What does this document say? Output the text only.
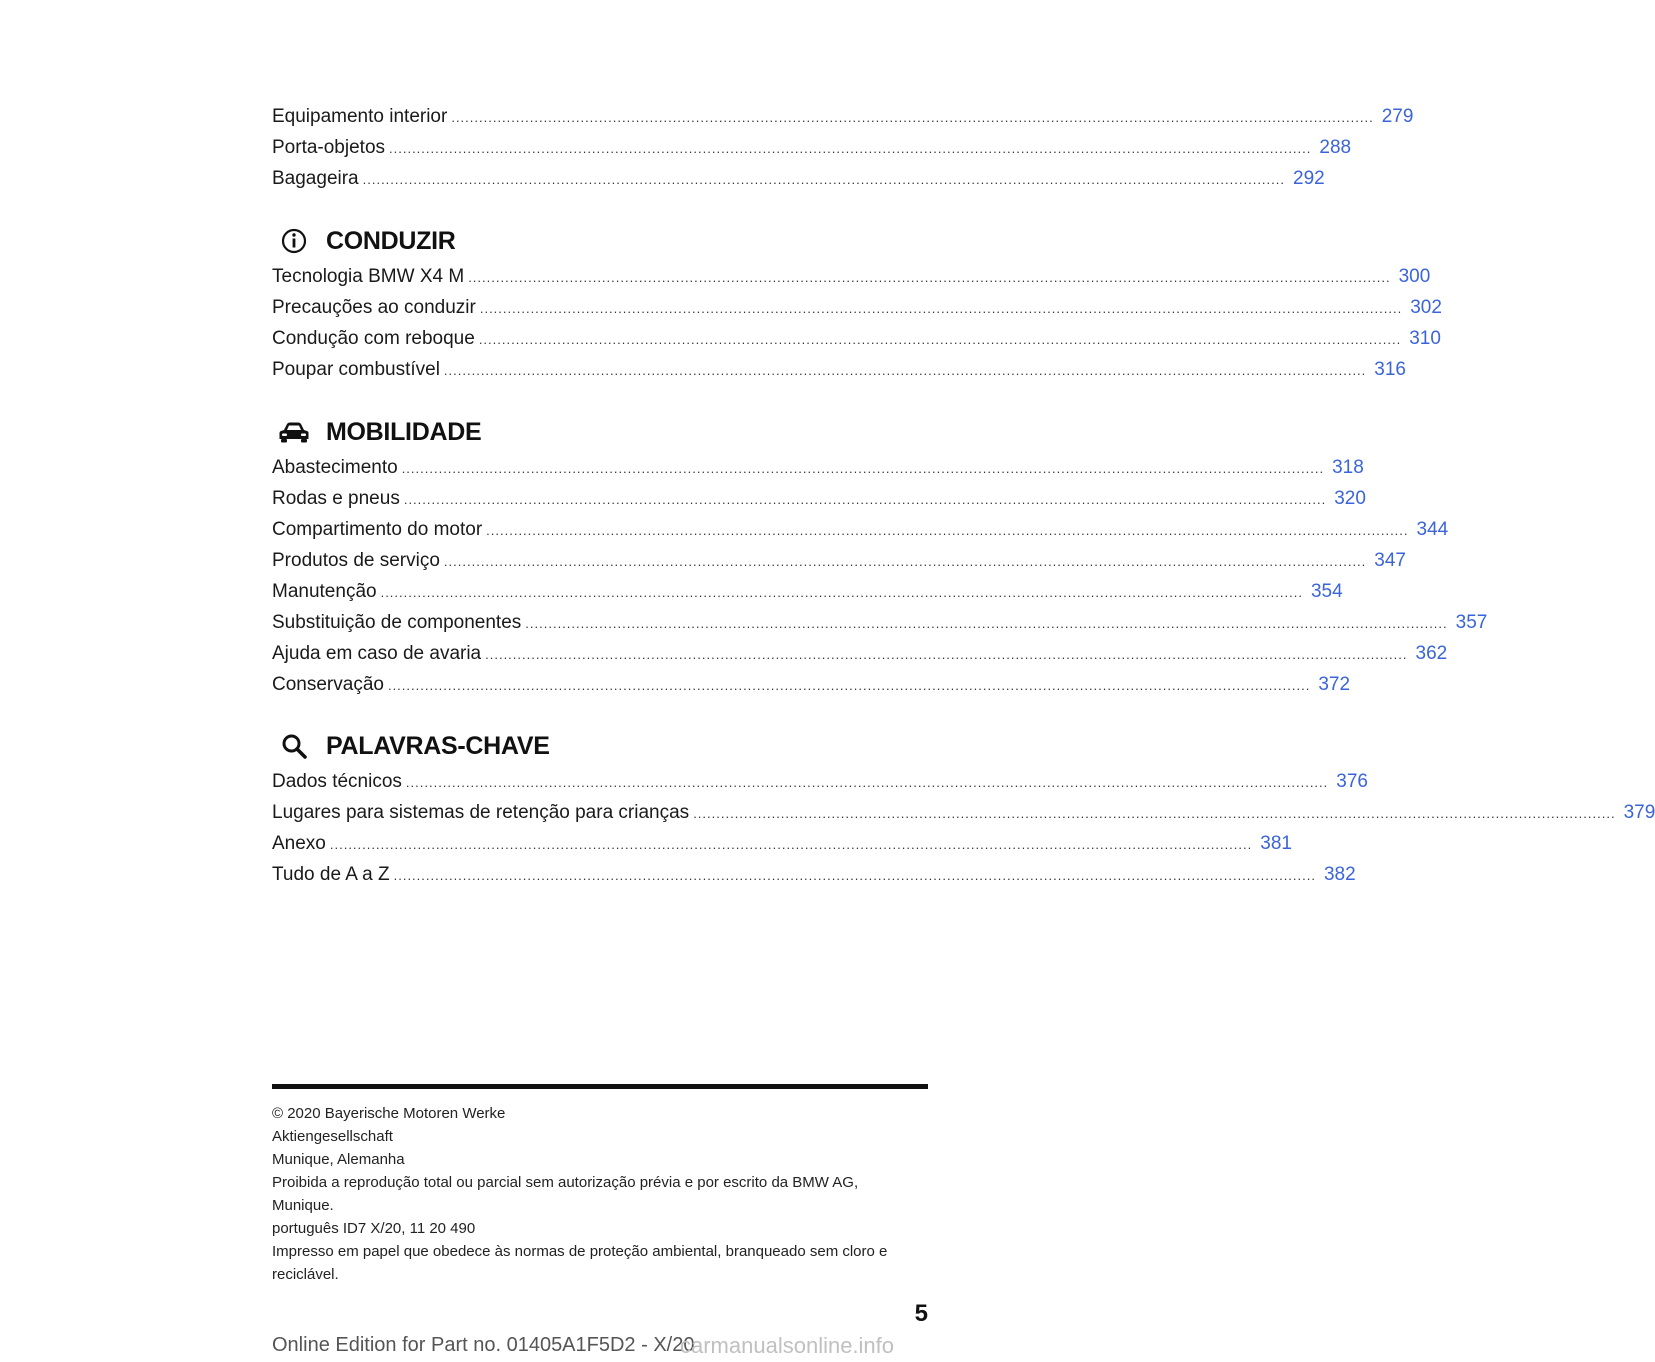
Equipamento interior ........................................................................................................................................................................................................ 279
Porta-objetos ........................................................................................................................................................................................................ 288
Bagageira ........................................................................................................................................................................................................ 292
CONDUZIR
Tecnologia BMW X4 M ........................................................................................................................................................................................................ 300
Precauções ao conduzir ........................................................................................................................................................................................................ 302
Condução com reboque ........................................................................................................................................................................................................ 310
Poupar combustível ........................................................................................................................................................................................................ 316
MOBILIDADE
Abastecimento ........................................................................................................................................................................................................ 318
Rodas e pneus ........................................................................................................................................................................................................ 320
Compartimento do motor ........................................................................................................................................................................................................ 344
Produtos de serviço ........................................................................................................................................................................................................ 347
Manutenção ........................................................................................................................................................................................................ 354
Substituição de componentes ........................................................................................................................................................................................................ 357
Ajuda em caso de avaria ........................................................................................................................................................................................................ 362
Conservação ........................................................................................................................................................................................................ 372
PALAVRAS-CHAVE
Dados técnicos ........................................................................................................................................................................................................ 376
Lugares para sistemas de retenção para crianças ........................................................................................................................................................................................................ 379
Anexo ........................................................................................................................................................................................................ 381
Tudo de A a Z ........................................................................................................................................................................................................ 382
© 2020 Bayerische Motoren Werke
Aktiengesellschaft
Munique, Alemanha
Proibida a reprodução total ou parcial sem autorização prévia e por escrito da BMW AG,
Munique.
português ID7 X/20, 11 20 490
Impresso em papel que obedece às normas de proteção ambiental, branqueado sem cloro e
reciclável.
5
Online Edition for Part no. 01405A1F5D2 - X/20
carmanualsonline.info
